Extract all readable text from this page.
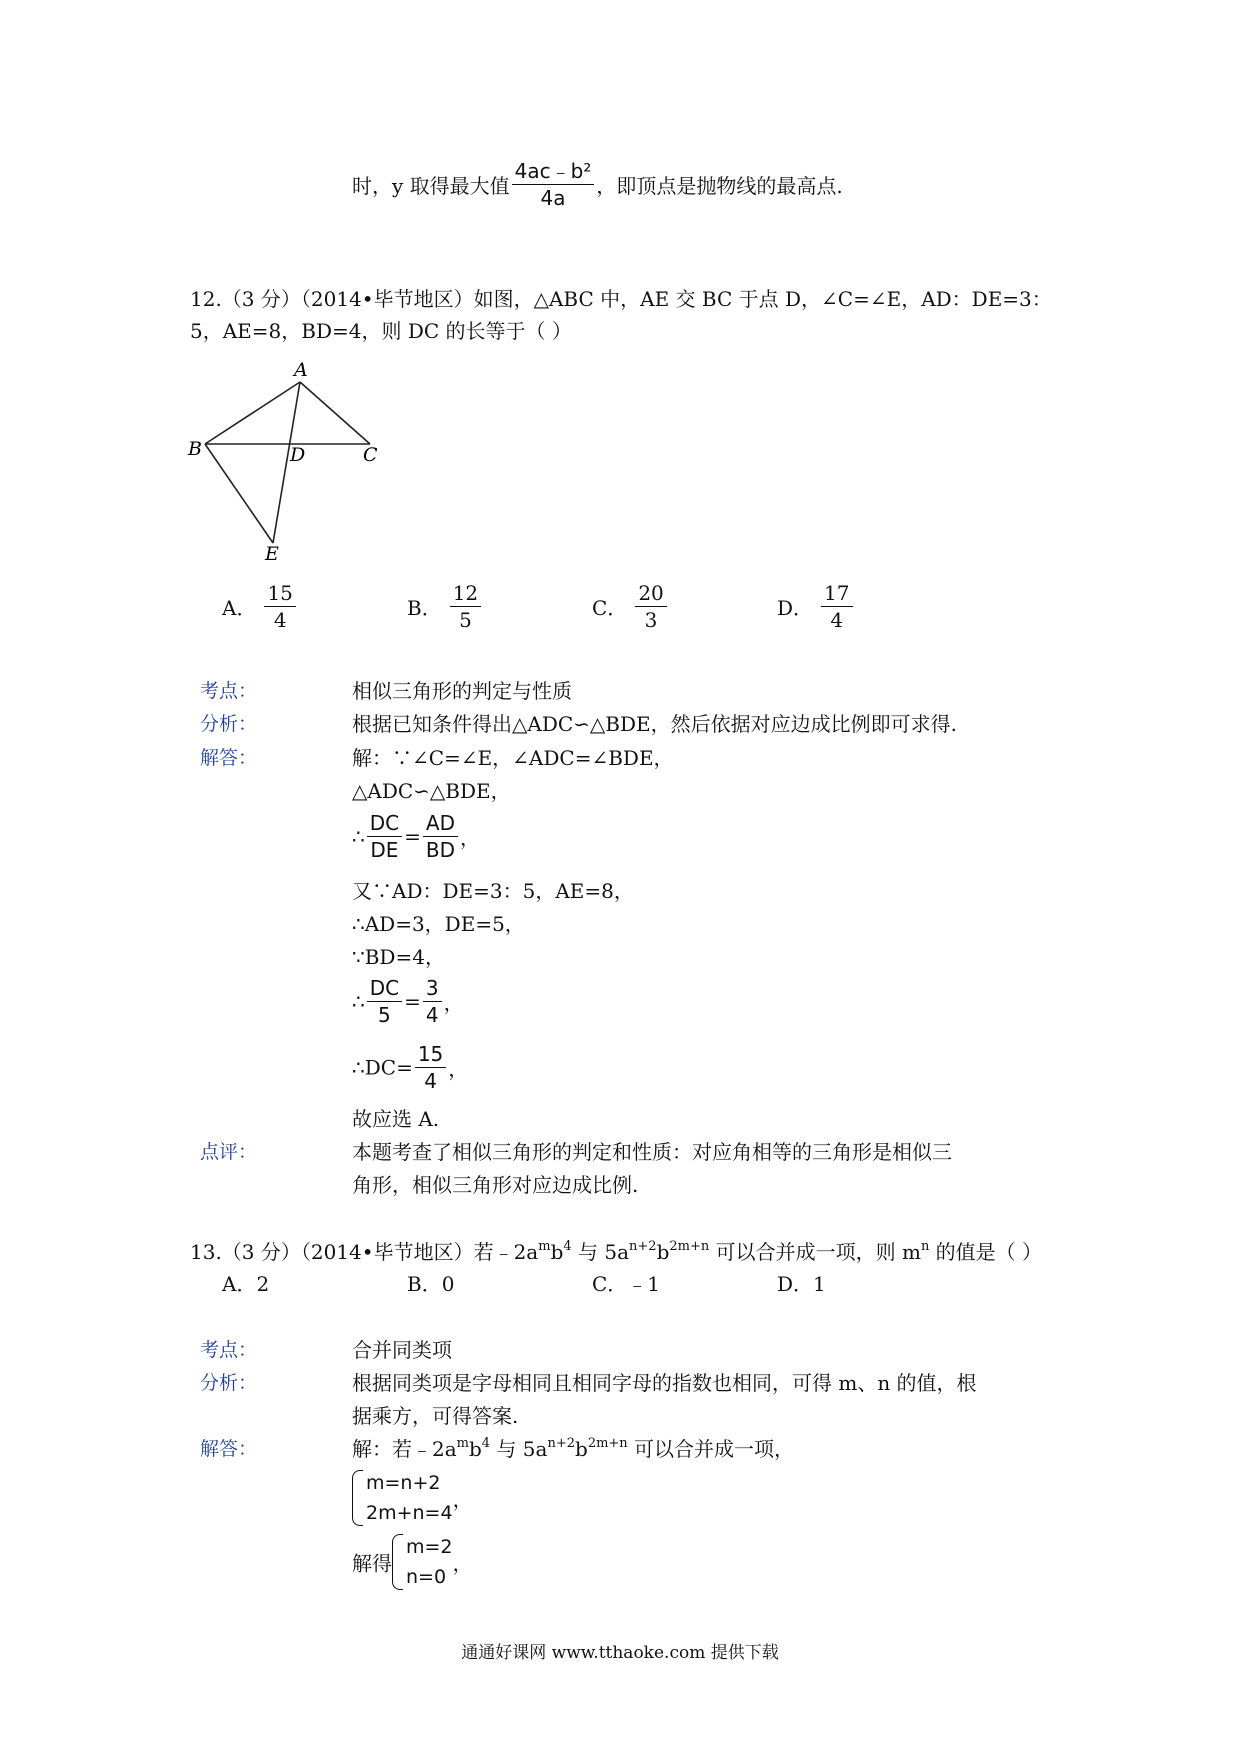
时，y 取得最大值 $\frac{\text{4ac﹣b²}}{4a}$ ，即顶点是抛物线的最高点.
12.（3 分）（2014•毕节地区）如图，△ABC 中，AE 交 BC 于点 D，∠C=∠E，AD：DE=3：
5，AE=8，BD=4，则 DC 的长等于（ ）
A
B	C
D
E
A． $\frac{15}{4}$	B． $\frac{12}{5}$	C． $\frac{20}{3}$	D． $\frac{17}{4}$
考点：	相似三角形的判定与性质
分析：	根据已知条件得出△ADC∽△BDE，然后依据对应边成比例即可求得.
解答：	解：∵∠C=∠E，∠ADC=∠BDE，
△ADC∽△BDE，
∴ $\frac{DC}{DE} = \frac{AD}{BD}$ ，
又∵AD：DE=3：5，AE=8，
∴AD=3，DE=5，
∵BD=4，
∴ $\frac{DC}{5} = \frac{3}{4}$ ，
∴DC= $\frac{15}{4}$ ，
故应选 A.
点评：	本题考查了相似三角形的判定和性质：对应角相等的三角形是相似三
角形，相似三角形对应边成比例.
13.（3 分）（2014•毕节地区）若$﹣2a^mb^4$ 与 $5a^{n+2}b^{2m+n}$ 可以合并成一项，则 $m^n$ 的值是（ ）
A．2	B．0	C．﹣1	D．1
考点：	合并同类项
分析：	根据同类项是字母相同且相同字母的指数也相同，可得 m、n 的值，根
据乘方，可得答案.
解答：	解：若$﹣2a^mb^4$ 与 $5a^{n+2}b^{2m+n}$ 可以合并成一项，
m=n+2
2m+n=4
，
解得
m=2
n=0
，
通通好课网 www.tthaoke.com 提供下载
